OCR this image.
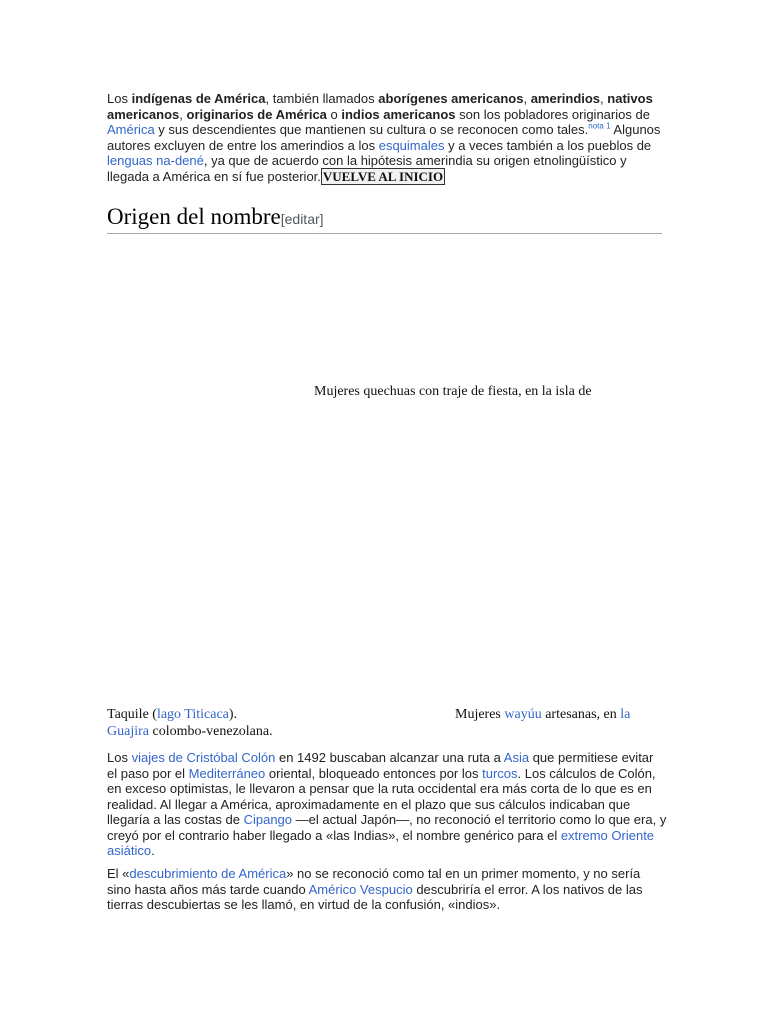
Los indígenas de América, también llamados aborígenes americanos, amerindios, nativos americanos, originarios de América o indios americanos son los pobladores originarios de América y sus descendientes que mantienen su cultura o se reconocen como tales.$^{nota 1}$ Algunos autores excluyen de entre los amerindios a los esquimales y a veces también a los pueblos de lenguas na-dené, ya que de acuerdo con la hipótesis amerindia su origen etnolingüístico y llegada a América en sí fue posterior. VUELVE AL INICIO
Origen del nombre[editar]
Mujeres quechuas con traje de fiesta, en la isla de
Taquile (lago Titicaca).	Mujeres wayúu artesanas, en la
Guajira colombo-venezolana.
Los viajes de Cristóbal Colón en 1492 buscaban alcanzar una ruta a Asia que permitiese evitar el paso por el Mediterráneo oriental, bloqueado entonces por los turcos. Los cálculos de Colón, en exceso optimistas, le llevaron a pensar que la ruta occidental era más corta de lo que es en realidad. Al llegar a América, aproximadamente en el plazo que sus cálculos indicaban que llegaría a las costas de Cipango —el actual Japón—, no reconoció el territorio como lo que era, y creyó por el contrario haber llegado a «las Indias», el nombre genérico para el extremo Oriente asiático.
El «descubrimiento de América» no se reconoció como tal en un primer momento, y no sería sino hasta años más tarde cuando Américo Vespucio descubriría el error. A los nativos de las tierras descubiertas se les llamó, en virtud de la confusión, «indios».
